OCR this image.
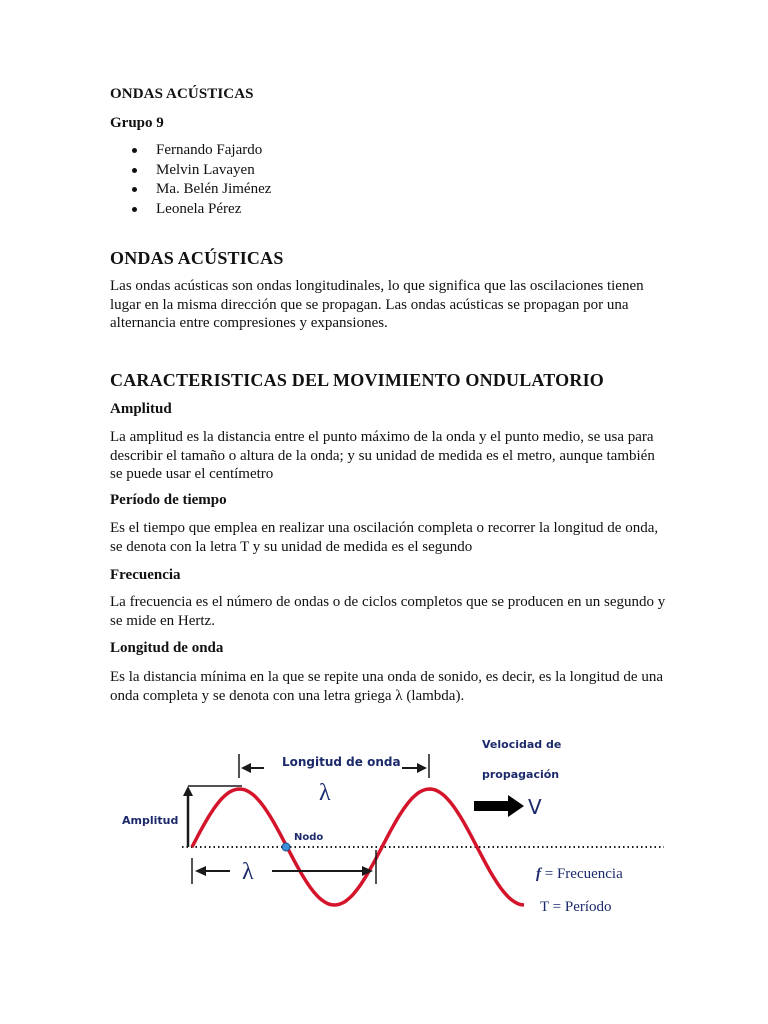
ONDAS ACÚSTICAS
Grupo 9
Fernando Fajardo
Melvin Lavayen
Ma. Belén Jiménez
Leonela Pérez
ONDAS ACÚSTICAS

Las ondas acústicas son ondas longitudinales, lo que significa que las oscilaciones tienen lugar en la misma dirección que se propagan. Las ondas acústicas se propagan por una alternancia entre compresiones y expansiones.

CARACTERISTICAS DEL MOVIMIENTO ONDULATORIO
Amplitud

La amplitud es la distancia entre el punto máximo de la onda y el punto medio, se usa para describir el tamaño o altura de la onda; y su unidad de medida es el metro, aunque también se puede usar el centímetro

Período de tiempo

Es el tiempo que emplea en realizar una oscilación completa o recorrer la longitud de onda, se denota con la letra T y su unidad de medida es el segundo

Frecuencia

La frecuencia es el número de ondas o de ciclos completos que se producen en un segundo y se mide en Hertz.

Longitud de onda

Es la distancia mínima en la que se repite una onda de sonido, es decir, es la longitud de una onda completa y se denota con una letra griega λ (lambda).

Amplitud
Longitud de onda
λ
Nodo
λ
Velocidad de
propagación
V
f = Frecuencia
T = Período
